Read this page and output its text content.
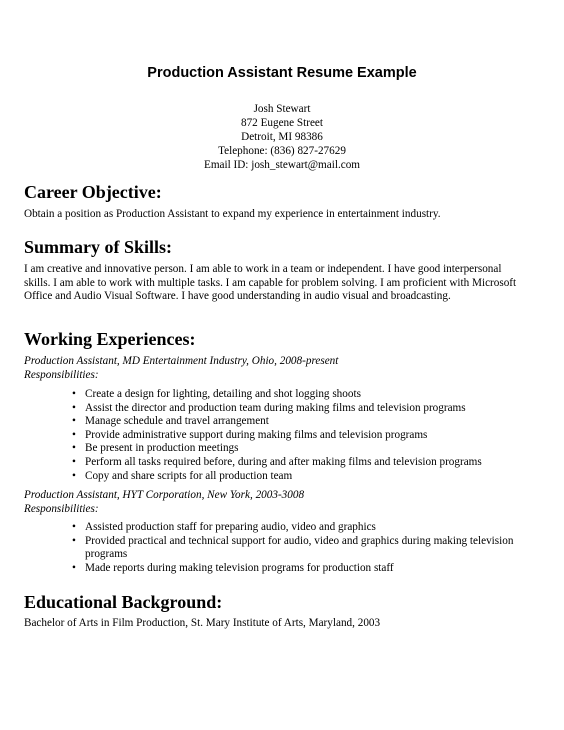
Production Assistant Resume Example
Josh Stewart
872 Eugene Street
Detroit, MI 98386
Telephone: (836) 827-27629
Email ID: josh_stewart@mail.com
Career Objective:

Obtain a position as Production Assistant to expand my experience in entertainment industry.

Summary of Skills:

I am creative and innovative person. I am able to work in a team or independent. I have good interpersonal skills. I am able to work with multiple tasks. I am capable for problem solving. I am proficient with Microsoft Office and Audio Visual Software. I have good understanding in audio visual and broadcasting.

Working Experiences:
Production Assistant, MD Entertainment Industry, Ohio, 2008-present
Responsibilities:
• Create a design for lighting, detailing and shot logging shoots
• Assist the director and production team during making films and television programs
• Manage schedule and travel arrangement
• Provide administrative support during making films and television programs
• Be present in production meetings
• Perform all tasks required before, during and after making films and television programs
• Copy and share scripts for all production team
Production Assistant, HYT Corporation, New York, 2003-3008
Responsibilities:
• Assisted production staff for preparing audio, video and graphics
• Provided practical and technical support for audio, video and graphics during making television programs
• Made reports during making television programs for production staff
Educational Background:

Bachelor of Arts in Film Production, St. Mary Institute of Arts, Maryland, 2003
